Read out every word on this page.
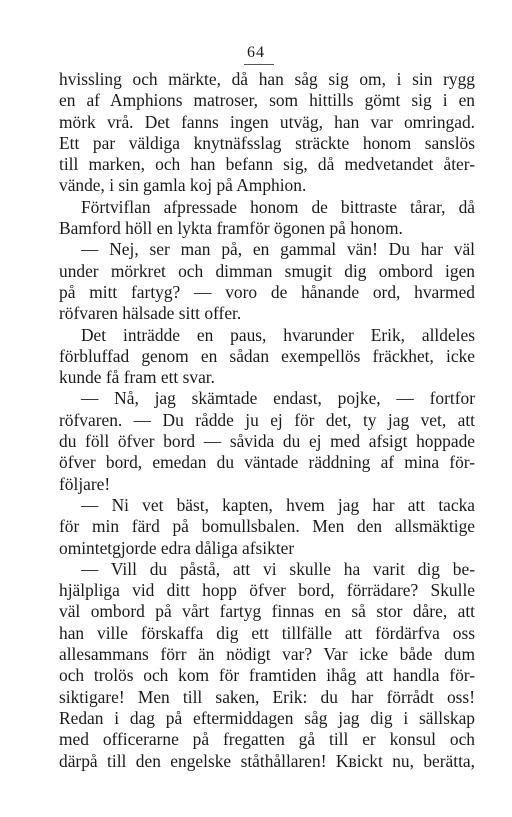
64
hvissling och märkte, då han såg sig om, i sin rygg
en af Amphions matroser, som hittills gömt sig i en
mörk vrå. Det fanns ingen utväg, han var omringad.
Ett par väldiga knytnäfsslag sträckte honom sanslös
till marken, och han befann sig, då medvetandet åter-
vände, i sin gamla koj på Amphion.
Förtviflan afpressade honom de bittraste tårar, då
Bamford höll en lykta framför ögonen på honom.
— Nej, ser man på, en gammal vän! Du har väl
under mörkret och dimman smugit dig ombord igen
på mitt fartyg? — voro de hånande ord, hvarmed
röfvaren hälsade sitt offer.
Det inträdde en paus, hvarunder Erik, alldeles
förbluffad genom en sådan exempellös fräckhet, icke
kunde få fram ett svar.
— Nå, jag skämtade endast, pojke, — fortfor
röfvaren. — Du rådde ju ej för det, ty jag vet, att
du föll öfver bord — såvida du ej med afsigt hoppade
öfver bord, emedan du väntade räddning af mina för-
följare!
— Ni vet bäst, kapten, hvem jag har att tacka
för min färd på bomullsbalen. Men den allsmäktige
omintetgjorde edra dåliga afsikter
— Vill du påstå, att vi skulle ha varit dig be-
hjälpliga vid ditt hopp öfver bord, förrädare? Skulle
väl ombord på vårt fartyg finnas en så stor dåre, att
han ville förskaffa dig ett tillfälle att fördärfva oss
allesammans förr än nödigt var? Var icke både dum
och trolös och kom för framtiden ihåg att handla för-
siktigare! Men till saken, Erik: du har förrådt oss!
Redan i dag på eftermiddagen såg jag dig i sällskap
med officerarne på fregatten gå till er konsul och
därpå till den engelske ståthållaren! Kвickt nu, berätta,
